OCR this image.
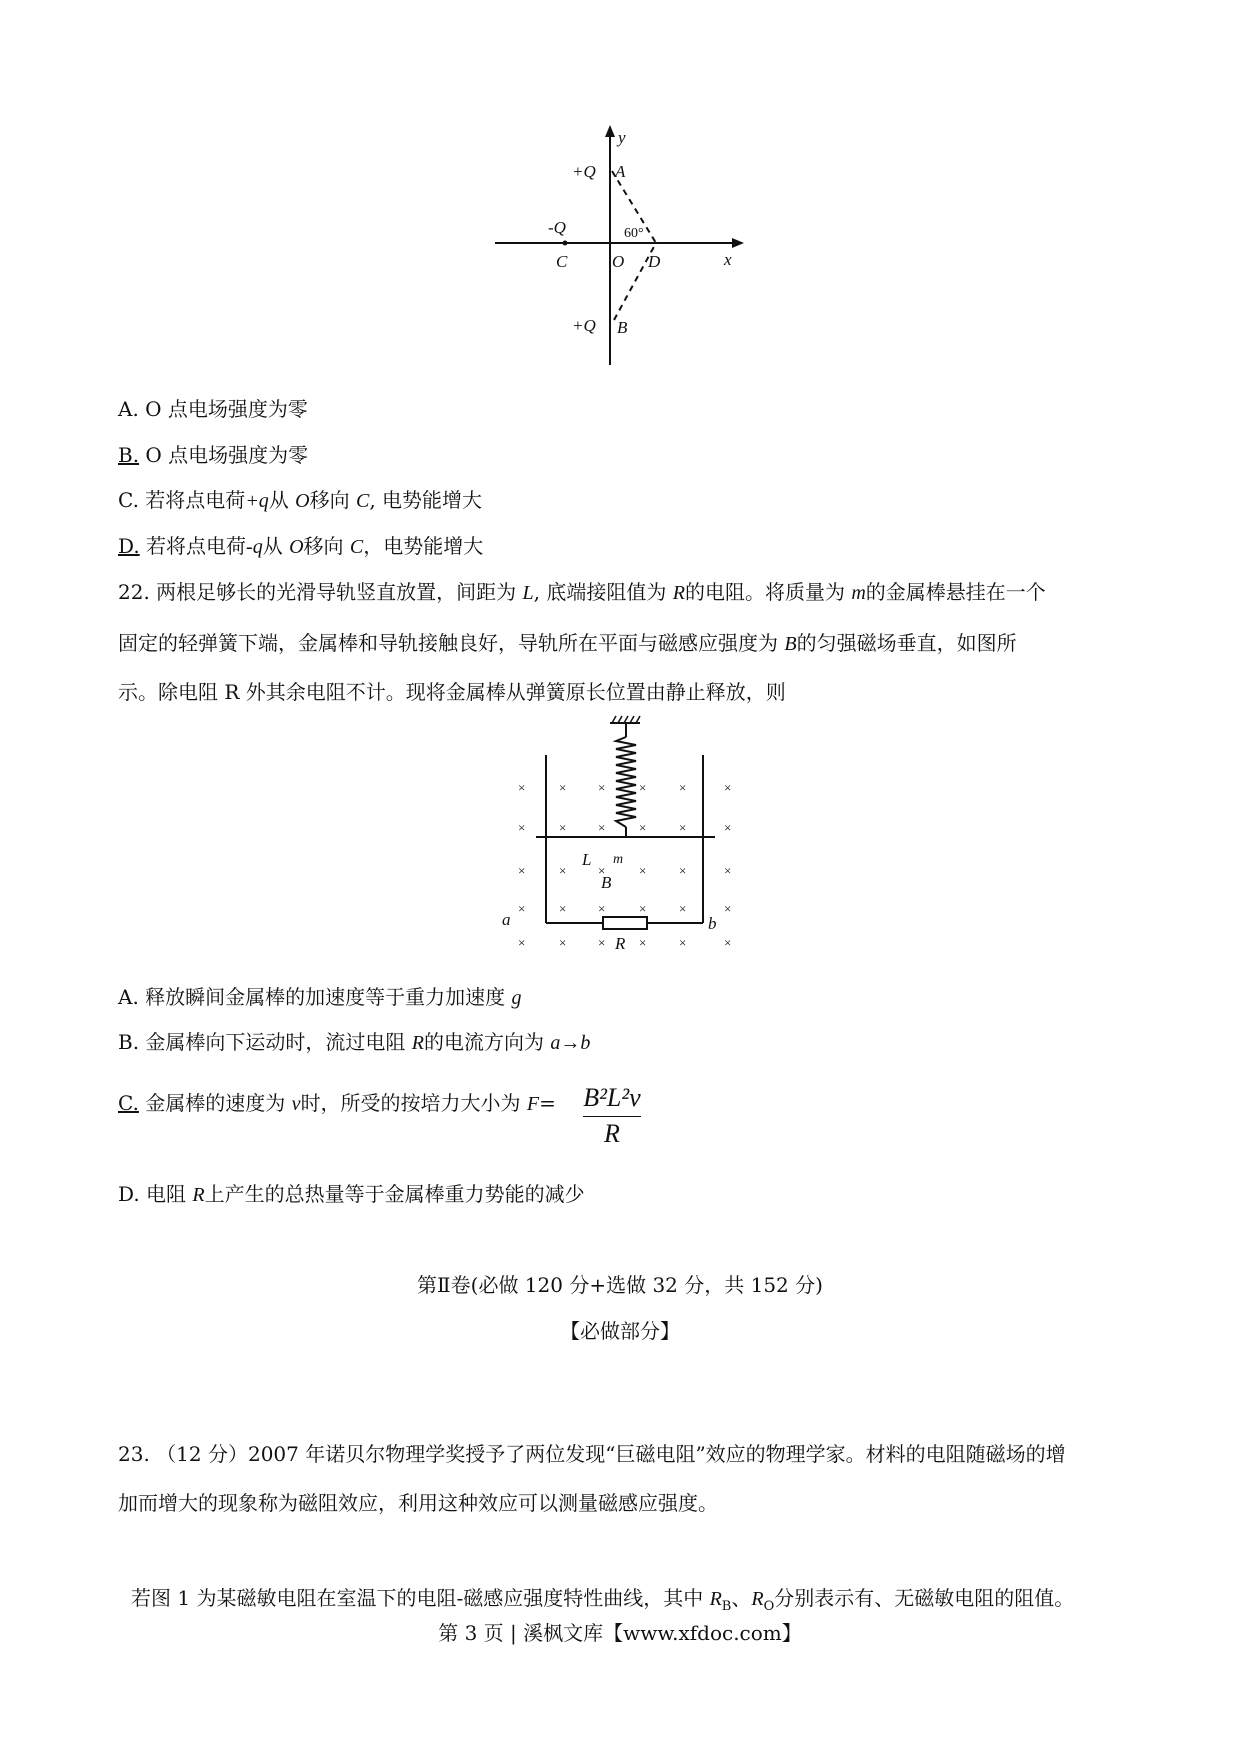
y
x
+Q A
-Q	60°
C	O D
+Q B
A. O 点电场强度为零
B. O 点电场强度为零
C. 若将点电荷+q从 O移向 C, 电势能增大
D. 若将点电荷-q从 O移向 C，电势能增大
22. 两根足够长的光滑导轨竖直放置，间距为 L, 底端接阻值为 R的电阻。将质量为 m的金属棒悬挂在一个
固定的轻弹簧下端，金属棒和导轨接触良好，导轨所在平面与磁感应强度为 B的匀强磁场垂直，如图所
示。除电阻 R 外其余电阻不计。现将金属棒从弹簧原长位置由静止释放，则
×	× ×	×	×	×
×	× ×	×	×	×
×	× ×	×	×	×
×	× ×	×	×	×
×	× ×	×	×	×
L m
B
a	b
R
A. 释放瞬间金属棒的加速度等于重力加速度 g
B. 金属棒向下运动时，流过电阻 R的电流方向为 a→b
C. 金属棒的速度为 v时，所受的按培力大小为 F= B²L²v
R
D. 电阻 R上产生的总热量等于金属棒重力势能的减少
第Ⅱ卷(必做 120 分+选做 32 分，共 152 分)
【必做部分】
23. （12 分）2007 年诺贝尔物理学奖授予了两位发现“巨磁电阻”效应的物理学家。材料的电阻随磁场的增
加而增大的现象称为磁阻效应，利用这种效应可以测量磁感应强度。
若图 1 为某磁敏电阻在室温下的电阻-磁感应强度特性曲线，其中 $R_B$、$R_O$分别表示有、无磁敏电阻的阻值。
第 3 页 | 溪枫文库【www.xfdoc.com】
